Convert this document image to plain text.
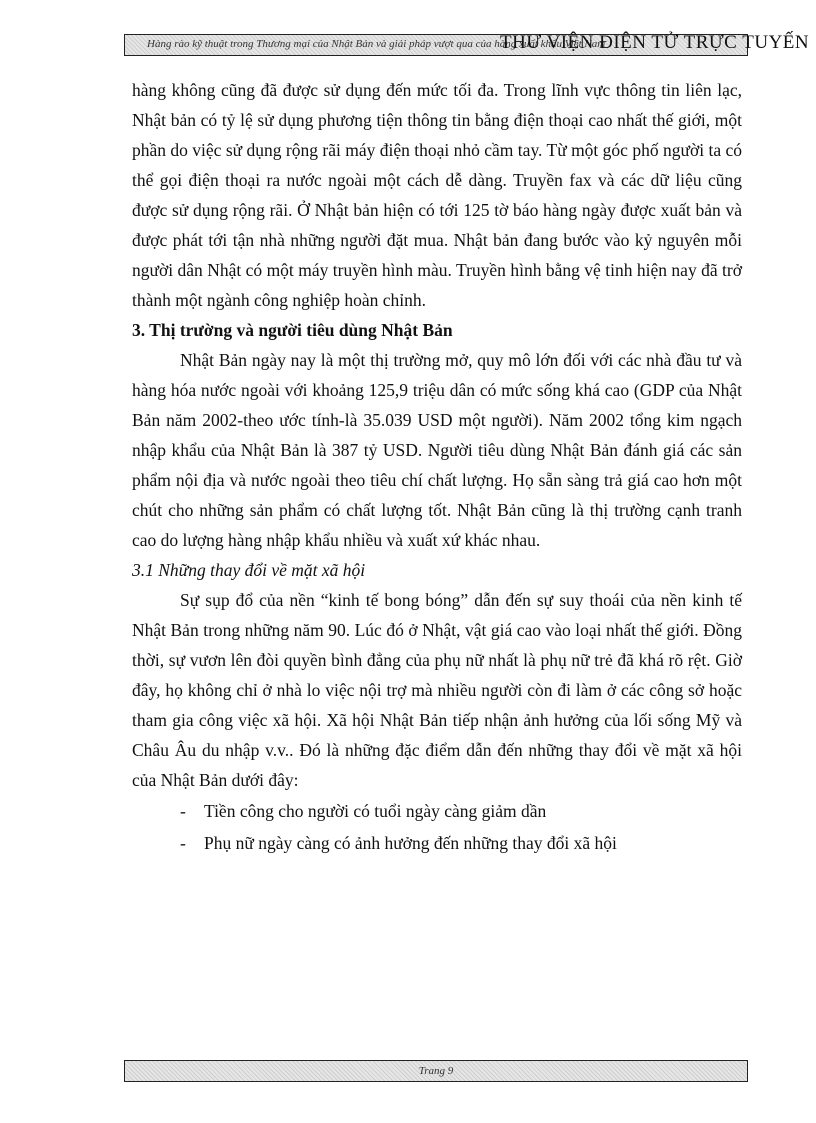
Hàng rào kỹ thuật trong Thương mại của Nhật Bản và giải pháp vượt qua của hàng xuất khẩu Việt Nam
THƯ VIỆN ĐIỆN TỬ TRỰC TUYẾN

hàng không cũng đã được sử dụng đến mức tối đa. Trong lĩnh vực thông tin liên lạc, Nhật bản có tỷ lệ sử dụng phương tiện thông tin bằng điện thoại cao nhất thế giới, một phần do việc sử dụng rộng rãi máy điện thoại nhỏ cầm tay. Từ một góc phố người ta có thể gọi điện thoại ra nước ngoài một cách dễ dàng. Truyền fax và các dữ liệu cũng được sử dụng rộng rãi. Ở Nhật bản hiện có tới 125 tờ báo hàng ngày được xuất bản và được phát tới tận nhà những người đặt mua. Nhật bản đang bước vào kỷ nguyên mỗi người dân Nhật có một máy truyền hình màu. Truyền hình bằng vệ tinh hiện nay đã trở thành một ngành công nghiệp hoàn chỉnh.

3. Thị trường và người tiêu dùng Nhật Bản

Nhật Bản ngày nay là một thị trường mở, quy mô lớn đối với các nhà đầu tư và hàng hóa nước ngoài với khoảng 125,9 triệu dân có mức sống khá cao (GDP của Nhật Bản năm 2002-theo ước tính-là 35.039 USD một người). Năm 2002 tổng kim ngạch nhập khẩu của Nhật Bản là 387 tỷ USD. Người tiêu dùng Nhật Bản đánh giá các sản phẩm nội địa và nước ngoài theo tiêu chí chất lượng. Họ sẵn sàng trả giá cao hơn một chút cho những sản phẩm có chất lượng tốt. Nhật Bản cũng là thị trường cạnh tranh cao do lượng hàng nhập khẩu nhiều và xuất xứ khác nhau.

3.1 Những thay đổi về mặt xã hội

Sự sụp đổ của nền “kinh tế bong bóng” dẫn đến sự suy thoái của nền kinh tế Nhật Bản trong những năm 90. Lúc đó ở Nhật, vật giá cao vào loại nhất thế giới. Đồng thời, sự vươn lên đòi quyền bình đẳng của phụ nữ nhất là phụ nữ trẻ đã khá rõ rệt. Giờ đây, họ không chỉ ở nhà lo việc nội trợ mà nhiều người còn đi làm ở các công sở hoặc tham gia công việc xã hội. Xã hội Nhật Bản tiếp nhận ảnh hưởng của lối sống Mỹ và Châu Âu du nhập v.v.. Đó là những đặc điểm dẫn đến những thay đổi về mặt xã hội của Nhật Bản dưới đây:

- Tiền công cho người có tuổi ngày càng giảm dần
- Phụ nữ ngày càng có ảnh hưởng đến những thay đổi xã hội
Trang 9
